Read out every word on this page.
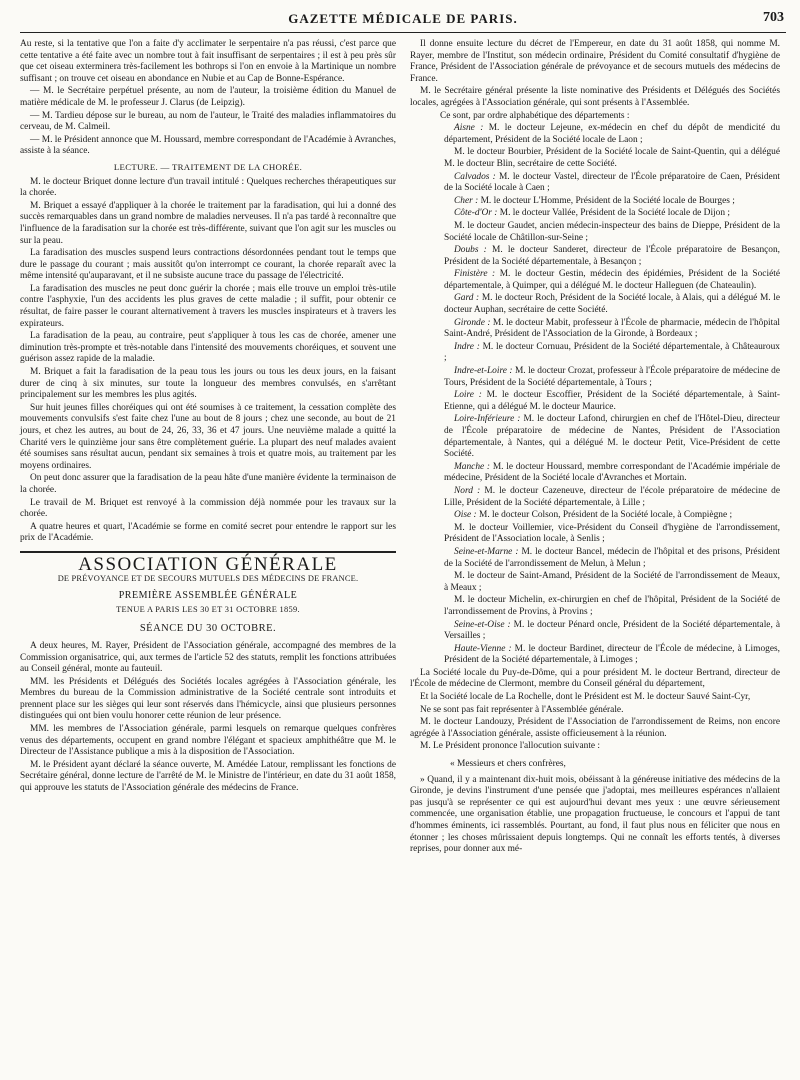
GAZETTE MÉDICALE DE PARIS.	703

Au reste, si la tentative que l'on a faite d'y acclimater le serpentaire n'a pas réussi, c'est parce que cette tentative a été faite avec un nombre tout à fait insuffisant de serpentaires ; il est à peu près sûr que cet oiseau exterminera très-facilement les bothrops si l'on en envoie à la Martinique un nombre suffisant ; on trouve cet oiseau en abondance en Nubie et au Cap de Bonne-Espérance.

— M. le Secrétaire perpétuel présente, au nom de l'auteur, la troisième édition du Manuel de matière médicale de M. le professeur J. Clarus (de Leipzig).

— M. Tardieu dépose sur le bureau, au nom de l'auteur, le Traité des maladies inflammatoires du cerveau, de M. Calmeil.

— M. le Président annonce que M. Houssard, membre correspondant de l'Académie à Avranches, assiste à la séance.

LECTURE. — TRAITEMENT DE LA CHORÉE.

M. le docteur Briquet donne lecture d'un travail intitulé : Quelques recherches thérapeutiques sur la chorée.

M. Briquet a essayé d'appliquer à la chorée le traitement par la faradisation, qui lui a donné des succès remarquables dans un grand nombre de maladies nerveuses. Il n'a pas tardé à reconnaître que l'influence de la faradisation sur la chorée est très-différente, suivant que l'on agit sur les muscles ou sur la peau.

La faradisation des muscles suspend leurs contractions désordonnées pendant tout le temps que dure le passage du courant ; mais aussitôt qu'on interrompt ce courant, la chorée reparaît avec la même intensité qu'auparavant, et il ne subsiste aucune trace du passage de l'électricité.

La faradisation des muscles ne peut donc guérir la chorée ; mais elle trouve un emploi très-utile contre l'asphyxie, l'un des accidents les plus graves de cette maladie ; il suffit, pour obtenir ce résultat, de faire passer le courant alternativement à travers les muscles inspirateurs et à travers les expirateurs.

La faradisation de la peau, au contraire, peut s'appliquer à tous les cas de chorée, amener une diminution très-prompte et très-notable dans l'intensité des mouvements choréiques, et souvent une guérison assez rapide de la maladie.

M. Briquet a fait la faradisation de la peau tous les jours ou tous les deux jours, en la faisant durer de cinq à six minutes, sur toute la longueur des membres convulsés, en s'arrêtant principalement sur les membres les plus agités.

Sur huit jeunes filles choréiques qui ont été soumises à ce traitement, la cessation complète des mouvements convulsifs s'est faite chez l'une au bout de 8 jours ; chez une seconde, au bout de 21 jours, et chez les autres, au bout de 24, 26, 33, 36 et 47 jours. Une neuvième malade a quitté la Charité vers le quinzième jour sans être complètement guérie. La plupart des neuf malades avaient été soumises sans résultat aucun, pendant six semaines à trois et quatre mois, au traitement par les moyens ordinaires.

On peut donc assurer que la faradisation de la peau hâte d'une manière évidente la terminaison de la chorée.

Le travail de M. Briquet est renvoyé à la commission déjà nommée pour les travaux sur la chorée.

A quatre heures et quart, l'Académie se forme en comité secret pour entendre le rapport sur les prix de l'Académie.

ASSOCIATION GÉNÉRALE
DE PRÉVOYANCE ET DE SECOURS MUTUELS DES MÉDECINS DE FRANCE.
PREMIÈRE ASSEMBLÉE GÉNÉRALE
TENUE A PARIS LES 30 ET 31 OCTOBRE 1859.
SÉANCE DU 30 OCTOBRE.

A deux heures, M. Rayer, Président de l'Association générale, accompagné des membres de la Commission organisatrice, qui, aux termes de l'article 52 des statuts, remplit les fonctions attribuées au Conseil général, monte au fauteuil.

MM. les Présidents et Délégués des Sociétés locales agrégées à l'Association générale, les Membres du bureau de la Commission administrative de la Société centrale sont introduits et prennent place sur les sièges qui leur sont réservés dans l'hémicycle, ainsi que plusieurs personnes distinguées qui ont bien voulu honorer cette réunion de leur présence.

MM. les membres de l'Association générale, parmi lesquels on remarque quelques confrères venus des départements, occupent en grand nombre l'élégant et spacieux amphithéâtre que M. le Directeur de l'Assistance publique a mis à la disposition de l'Association.

M. le Président ayant déclaré la séance ouverte, M. Amédée Latour, remplissant les fonctions de Secrétaire général, donne lecture de l'arrêté de M. le Ministre de l'intérieur, en date du 31 août 1858, qui approuve les statuts de l'Association générale des médecins de France.

Il donne ensuite lecture du décret de l'Empereur, en date du 31 août 1858, qui nomme M. Rayer, membre de l'Institut, son médecin ordinaire, Président du Comité consultatif d'hygiène de France, Président de l'Association générale de prévoyance et de secours mutuels des médecins de France.

M. le Secrétaire général présente la liste nominative des Présidents et Délégués des Sociétés locales, agrégées à l'Association générale, qui sont présents à l'Assemblée.

Ce sont, par ordre alphabétique des départements :

Aisne : M. le docteur Lejeune, ex-médecin en chef du dépôt de mendicité du département, Président de la Société locale de Laon ;

M. le docteur Bourbier, Président de la Société locale de Saint-Quentin, qui a délégué M. le docteur Blin, secrétaire de cette Société.

Calvados : M. le docteur Vastel, directeur de l'École préparatoire de Caen, Président de la Société locale à Caen ;

Cher : M. le docteur L'Homme, Président de la Société locale de Bourges ;

Côte-d'Or : M. le docteur Vallée, Président de la Société locale de Dijon ;

M. le docteur Gaudet, ancien médecin-inspecteur des bains de Dieppe, Président de la Société locale de Châtillon-sur-Seine ;

Doubs : M. le docteur Sanderet, directeur de l'École préparatoire de Besançon, Président de la Société départementale, à Besançon ;

Finistère : M. le docteur Gestin, médecin des épidémies, Président de la Société départementale, à Quimper, qui a délégué M. le docteur Halleguen (de Chateaulin).

Gard : M. le docteur Roch, Président de la Société locale, à Alais, qui a délégué M. le docteur Auphan, secrétaire de cette Société.

Gironde : M. le docteur Mabit, professeur à l'École de pharmacie, médecin de l'hôpital Saint-André, Président de l'Association de la Gironde, à Bordeaux ;

Indre : M. le docteur Cornuau, Président de la Société départementale, à Châteauroux ;

Indre-et-Loire : M. le docteur Crozat, professeur à l'École préparatoire de médecine de Tours, Président de la Société départementale, à Tours ;

Loire : M. le docteur Escoffier, Président de la Société départementale, à Saint-Etienne, qui a délégué M. le docteur Maurice.

Loire-Inférieure : M. le docteur Lafond, chirurgien en chef de l'Hôtel-Dieu, directeur de l'École préparatoire de médecine de Nantes, Président de l'Association départementale, à Nantes, qui a délégué M. le docteur Petit, Vice-Président de cette Société.

Manche : M. le docteur Houssard, membre correspondant de l'Académie impériale de médecine, Président de la Société locale d'Avranches et Mortain.

Nord : M. le docteur Cazeneuve, directeur de l'école préparatoire de médecine de Lille, Président de la Société départementale, à Lille ;

Oise : M. le docteur Colson, Président de la Société locale, à Compiègne ;

M. le docteur Voillemier, vice-Président du Conseil d'hygiène de l'arrondissement, Président de l'Association locale, à Senlis ;

Seine-et-Marne : M. le docteur Bancel, médecin de l'hôpital et des prisons, Président de la Société de l'arrondissement de Melun, à Melun ;

M. le docteur de Saint-Amand, Président de la Société de l'arrondissement de Meaux, à Meaux ;

M. le docteur Michelin, ex-chirurgien en chef de l'hôpital, Président de la Société de l'arrondissement de Provins, à Provins ;

Seine-et-Oise : M. le docteur Pénard oncle, Président de la Société départementale, à Versailles ;

Haute-Vienne : M. le docteur Bardinet, directeur de l'École de médecine, à Limoges, Président de la Société départementale, à Limoges ;

La Société locale du Puy-de-Dôme, qui a pour président M. le docteur Bertrand, directeur de l'École de médecine de Clermont, membre du Conseil général du département,

Et la Société locale de La Rochelle, dont le Président est M. le docteur Sauvé Saint-Cyr,

Ne se sont pas fait représenter à l'Assemblée générale.

M. le docteur Landouzy, Président de l'Association de l'arrondissement de Reims, non encore agrégée à l'Association générale, assiste officieusement à la réunion.

M. Le Président prononce l'allocution suivante :

« Messieurs et chers confrères,

» Quand, il y a maintenant dix-huit mois, obéissant à la généreuse initiative des médecins de la Gironde, je devins l'instrument d'une pensée que j'adoptai, mes meilleures espérances n'allaient pas jusqu'à se représenter ce qui est aujourd'hui devant mes yeux : une œuvre sérieusement commencée, une organisation établie, une propagation fructueuse, le concours et l'appui de tant d'hommes éminents, ici rassemblés. Pourtant, au fond, il faut plus nous en féliciter que nous en étonner ; les choses mûrissaient depuis longtemps. Qui ne connaît les efforts tentés, à diverses reprises, pour donner aux mé-
